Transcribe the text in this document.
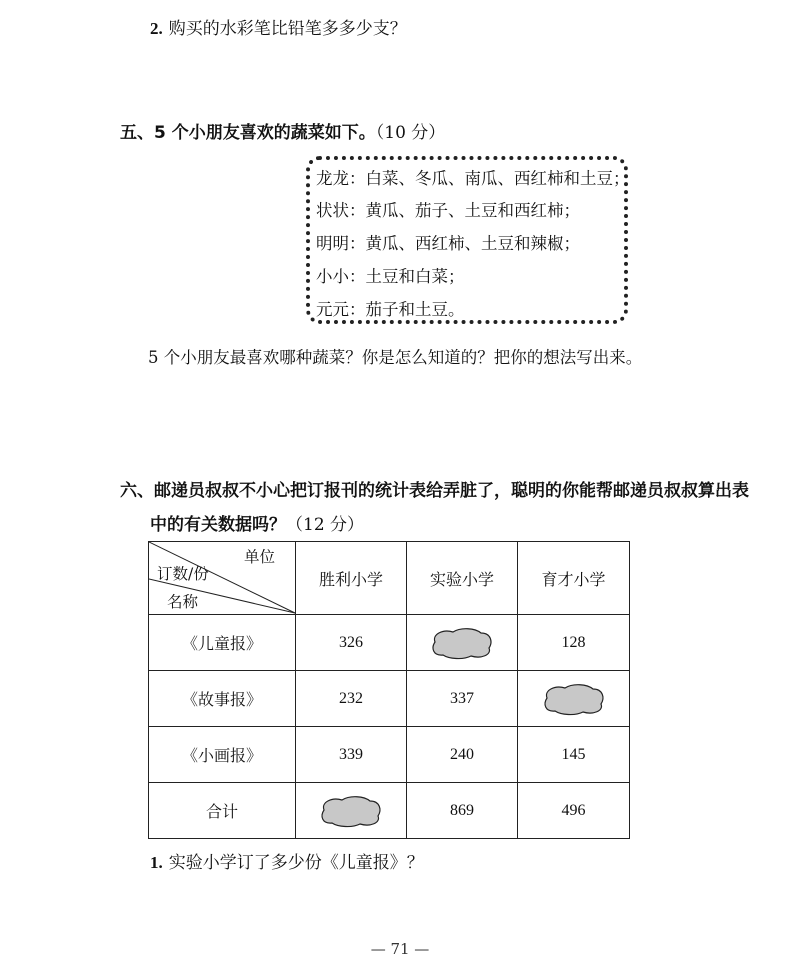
2. 购买的水彩笔比铅笔多多少支？
五、5 个小朋友喜欢的蔬菜如下。（10 分）
龙龙：白菜、冬瓜、南瓜、西红柿和土豆；
状状：黄瓜、茄子、土豆和西红柿；
明明：黄瓜、西红柿、土豆和辣椒；
小小：土豆和白菜；
元元：茄子和土豆。
5 个小朋友最喜欢哪种蔬菜？你是怎么知道的？把你的想法写出来。
六、邮递员叔叔不小心把订报刊的统计表给弄脏了，聪明的你能帮邮递员叔叔算出表
中的有关数据吗？（12 分）
单位
订数/份
名称	胜利小学	实验小学	育才小学
《儿童报》	326		128
《故事报》	232	337	
《小画报》	339	240	145
合计		869	496
1. 实验小学订了多少份《儿童报》？
— 71 —
